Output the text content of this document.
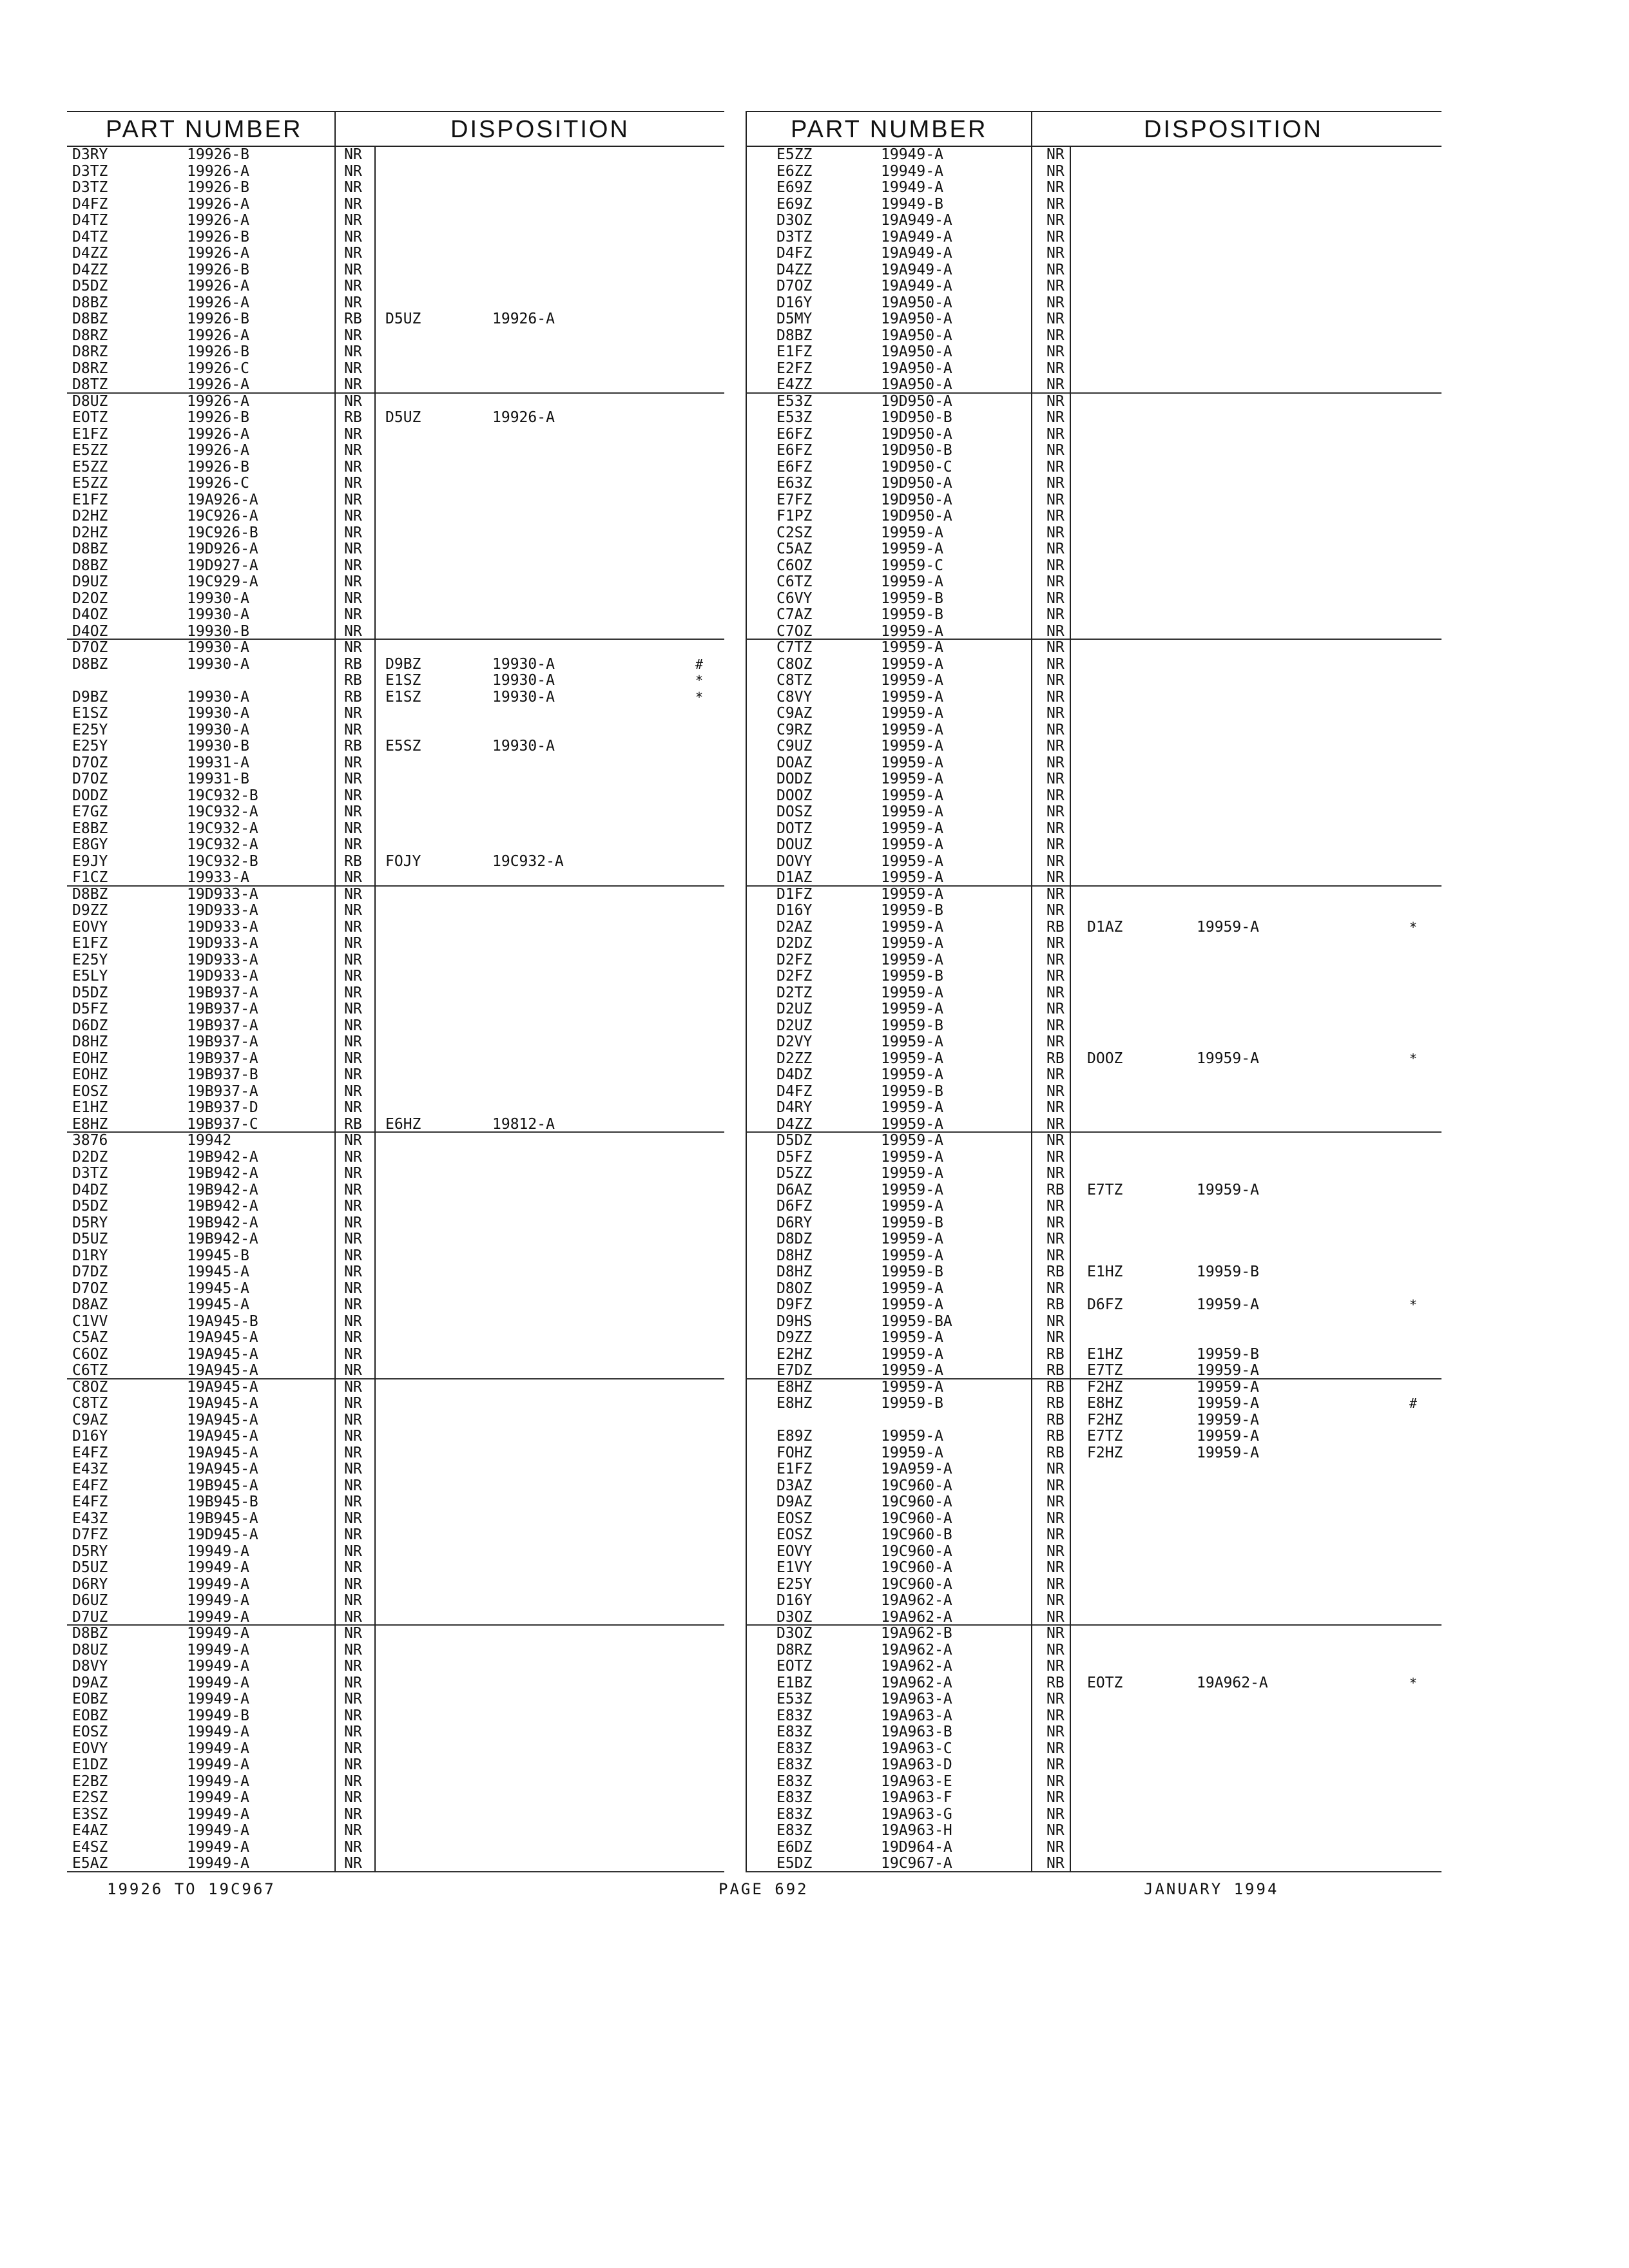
PART NUMBER	DISPOSITION
D3RY	19926-B	NR
D3TZ	19926-A	NR
D3TZ	19926-B	NR
D4FZ	19926-A	NR
D4TZ	19926-A	NR
D4TZ	19926-B	NR
D4ZZ	19926-A	NR
D4ZZ	19926-B	NR
D5DZ	19926-A	NR
D8BZ	19926-A	NR
D8BZ	19926-B	RB D5UZ	19926-A
D8RZ	19926-A	NR
D8RZ	19926-B	NR
D8RZ	19926-C	NR
D8TZ	19926-A	NR
D8UZ	19926-A	NR
EOTZ	19926-B	RB D5UZ	19926-A
E1FZ	19926-A	NR
E5ZZ	19926-A	NR
E5ZZ	19926-B	NR
E5ZZ	19926-C	NR
E1FZ	19A926-A	NR
D2HZ	19C926-A	NR
D2HZ	19C926-B	NR
D8BZ	19D926-A	NR
D8BZ	19D927-A	NR
D9UZ	19C929-A	NR
D2OZ	19930-A	NR
D4OZ	19930-A	NR
D4OZ	19930-B	NR
D7OZ	19930-A	NR
D8BZ	19930-A	RB D9BZ	19930-A	#
RB E1SZ	19930-A	*
D9BZ	19930-A	RB E1SZ	19930-A	*
E1SZ	19930-A	NR
E25Y	19930-A	NR
E25Y	19930-B	RB E5SZ	19930-A
D7OZ	19931-A	NR
D7OZ	19931-B	NR
DODZ	19C932-B	NR
E7GZ	19C932-A	NR
E8BZ	19C932-A	NR
E8GY	19C932-A	NR
E9JY	19C932-B	RB FOJY	19C932-A
F1CZ	19933-A	NR
D8BZ	19D933-A	NR
D9ZZ	19D933-A	NR
EOVY	19D933-A	NR
E1FZ	19D933-A	NR
E25Y	19D933-A	NR
E5LY	19D933-A	NR
D5DZ	19B937-A	NR
D5FZ	19B937-A	NR
D6DZ	19B937-A	NR
D8HZ	19B937-A	NR
EOHZ	19B937-A	NR
EOHZ	19B937-B	NR
EOSZ	19B937-A	NR
E1HZ	19B937-D	NR
E8HZ	19B937-C	RB E6HZ	19812-A
3876	19942	NR
D2DZ	19B942-A	NR
D3TZ	19B942-A	NR
D4DZ	19B942-A	NR
D5DZ	19B942-A	NR
D5RY	19B942-A	NR
D5UZ	19B942-A	NR
D1RY	19945-B	NR
D7DZ	19945-A	NR
D7OZ	19945-A	NR
D8AZ	19945-A	NR
C1VV	19A945-B	NR
C5AZ	19A945-A	NR
C6OZ	19A945-A	NR
C6TZ	19A945-A	NR
C8OZ	19A945-A	NR
C8TZ	19A945-A	NR
C9AZ	19A945-A	NR
D16Y	19A945-A	NR
E4FZ	19A945-A	NR
E43Z	19A945-A	NR
E4FZ	19B945-A	NR
E4FZ	19B945-B	NR
E43Z	19B945-A	NR
D7FZ	19D945-A	NR
D5RY	19949-A	NR
D5UZ	19949-A	NR
D6RY	19949-A	NR
D6UZ	19949-A	NR
D7UZ	19949-A	NR
D8BZ	19949-A	NR
D8UZ	19949-A	NR
D8VY	19949-A	NR
D9AZ	19949-A	NR
EOBZ	19949-A	NR
EOBZ	19949-B	NR
EOSZ	19949-A	NR
EOVY	19949-A	NR
E1DZ	19949-A	NR
E2BZ	19949-A	NR
E2SZ	19949-A	NR
E3SZ	19949-A	NR
E4AZ	19949-A	NR
E4SZ	19949-A	NR
E5AZ	19949-A	NR
PART NUMBER	DISPOSITION
E5ZZ	19949-A	NR
E6ZZ	19949-A	NR
E69Z	19949-A	NR
E69Z	19949-B	NR
D3OZ	19A949-A	NR
D3TZ	19A949-A	NR
D4FZ	19A949-A	NR
D4ZZ	19A949-A	NR
D7OZ	19A949-A	NR
D16Y	19A950-A	NR
D5MY	19A950-A	NR
D8BZ	19A950-A	NR
E1FZ	19A950-A	NR
E2FZ	19A950-A	NR
E4ZZ	19A950-A	NR
E53Z	19D950-A	NR
E53Z	19D950-B	NR
E6FZ	19D950-A	NR
E6FZ	19D950-B	NR
E6FZ	19D950-C	NR
E63Z	19D950-A	NR
E7FZ	19D950-A	NR
F1PZ	19D950-A	NR
C2SZ	19959-A	NR
C5AZ	19959-A	NR
C6OZ	19959-C	NR
C6TZ	19959-A	NR
C6VY	19959-B	NR
C7AZ	19959-B	NR
C7OZ	19959-A	NR
C7TZ	19959-A	NR
C8OZ	19959-A	NR
C8TZ	19959-A	NR
C8VY	19959-A	NR
C9AZ	19959-A	NR
C9RZ	19959-A	NR
C9UZ	19959-A	NR
DOAZ	19959-A	NR
DODZ	19959-A	NR
DOOZ	19959-A	NR
DOSZ	19959-A	NR
DOTZ	19959-A	NR
DOUZ	19959-A	NR
DOVY	19959-A	NR
D1AZ	19959-A	NR
D1FZ	19959-A	NR
D16Y	19959-B	NR
D2AZ	19959-A	RB D1AZ	19959-A	*
D2DZ	19959-A	NR
D2FZ	19959-A	NR
D2FZ	19959-B	NR
D2TZ	19959-A	NR
D2UZ	19959-A	NR
D2UZ	19959-B	NR
D2VY	19959-A	NR
D2ZZ	19959-A	RB DOOZ	19959-A	*
D4DZ	19959-A	NR
D4FZ	19959-B	NR
D4RY	19959-A	NR
D4ZZ	19959-A	NR
D5DZ	19959-A	NR
D5FZ	19959-A	NR
D5ZZ	19959-A	NR
D6AZ	19959-A	RB E7TZ	19959-A
D6FZ	19959-A	NR
D6RY	19959-B	NR
D8DZ	19959-A	NR
D8HZ	19959-A	NR
D8HZ	19959-B	RB E1HZ	19959-B
D8OZ	19959-A	NR
D9FZ	19959-A	RB D6FZ	19959-A	*
D9HS	19959-BA	NR
D9ZZ	19959-A	NR
E2HZ	19959-A	RB E1HZ	19959-B
E7DZ	19959-A	RB E7TZ	19959-A
E8HZ	19959-A	RB F2HZ	19959-A
E8HZ	19959-B	RB E8HZ	19959-A	#
RB F2HZ	19959-A
E89Z	19959-A	RB E7TZ	19959-A
FOHZ	19959-A	RB F2HZ	19959-A
E1FZ	19A959-A	NR
D3AZ	19C960-A	NR
D9AZ	19C960-A	NR
EOSZ	19C960-A	NR
EOSZ	19C960-B	NR
EOVY	19C960-A	NR
E1VY	19C960-A	NR
E25Y	19C960-A	NR
D16Y	19A962-A	NR
D3OZ	19A962-A	NR
D3OZ	19A962-B	NR
D8RZ	19A962-A	NR
EOTZ	19A962-A	NR
E1BZ	19A962-A	RB EOTZ	19A962-A	*
E53Z	19A963-A	NR
E83Z	19A963-A	NR
E83Z	19A963-B	NR
E83Z	19A963-C	NR
E83Z	19A963-D	NR
E83Z	19A963-E	NR
E83Z	19A963-F	NR
E83Z	19A963-G	NR
E83Z	19A963-H	NR
E6DZ	19D964-A	NR
E5DZ	19C967-A	NR
19926 TO 19C967	PAGE 692	JANUARY 1994
